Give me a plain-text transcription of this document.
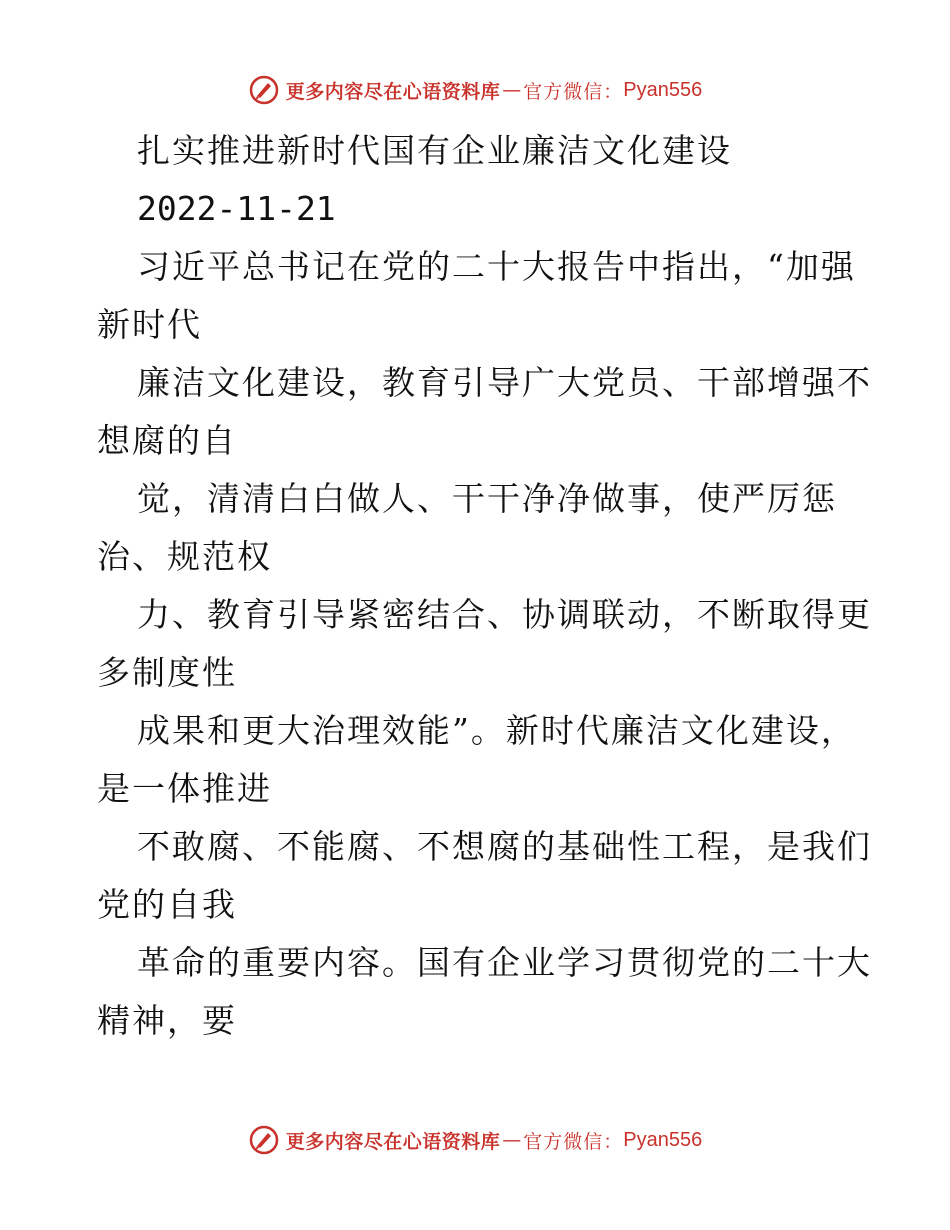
更多内容尽在心语资料库 — 官方微信： Pyan556
扎实推进新时代国有企业廉洁文化建设
2022-11-21
习近平总书记在党的二十大报告中指出，“加强
新时代
廉洁文化建设，教育引导广大党员、干部增强不
想腐的自
觉，清清白白做人、干干净净做事，使严厉惩
治、规范权
力、教育引导紧密结合、协调联动，不断取得更
多制度性
成果和更大治理效能”。新时代廉洁文化建设，
是一体推进
不敢腐、不能腐、不想腐的基础性工程，是我们
党的自我
革命的重要内容。国有企业学习贯彻党的二十大
精神，要
更多内容尽在心语资料库 — 官方微信： Pyan556
